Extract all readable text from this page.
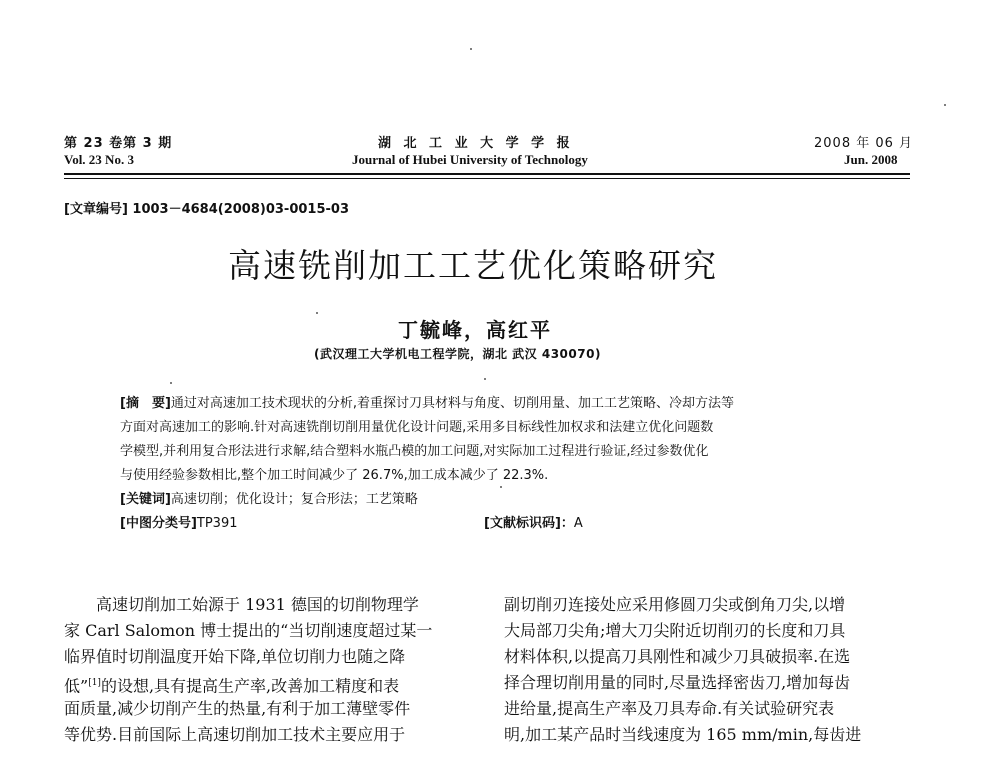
第 23 卷第 3 期
Vol. 23 No. 3
湖 北 工 业 大 学 学 报
Journal of Hubei University of Technology
2008 年 06 月
Jun. 2008
[文章编号] 1003－4684(2008)03-0015-03
高速铣削加工工艺优化策略研究
丁毓峰，高红平
(武汉理工大学机电工程学院，湖北 武汉 430070)
[摘　要]通过对高速加工技术现状的分析,着重探讨刀具材料与角度、切削用量、加工工艺策略、冷却方法等
方面对高速加工的影响.针对高速铣削切削用量优化设计问题,采用多目标线性加权求和法建立优化问题数
学模型,并利用复合形法进行求解,结合塑料水瓶凸模的加工问题,对实际加工过程进行验证,经过参数优化
与使用经验参数相比,整个加工时间减少了 26.7%,加工成本减少了 22.3%.
[关键词]高速切削；优化设计；复合形法；工艺策略
[中图分类号]TP391	[文献标识码]：A
　　高速切削加工始源于 1931 德国的切削物理学
家 Carl Salomon 博士提出的“当切削速度超过某一
临界值时切削温度开始下降,单位切削力也随之降
低”[1]的设想,具有提高生产率,改善加工精度和表
面质量,减少切削产生的热量,有利于加工薄壁零件
等优势.目前国际上高速切削加工技术主要应用于
副切削刃连接处应采用修圆刀尖或倒角刀尖,以增
大局部刀尖角;增大刀尖附近切削刃的长度和刀具
材料体积,以提高刀具刚性和减少刀具破损率.在选
择合理切削用量的同时,尽量选择密齿刀,增加每齿
进给量,提高生产率及刀具寿命.有关试验研究表
明,加工某产品时当线速度为 165 mm/min,每齿进
